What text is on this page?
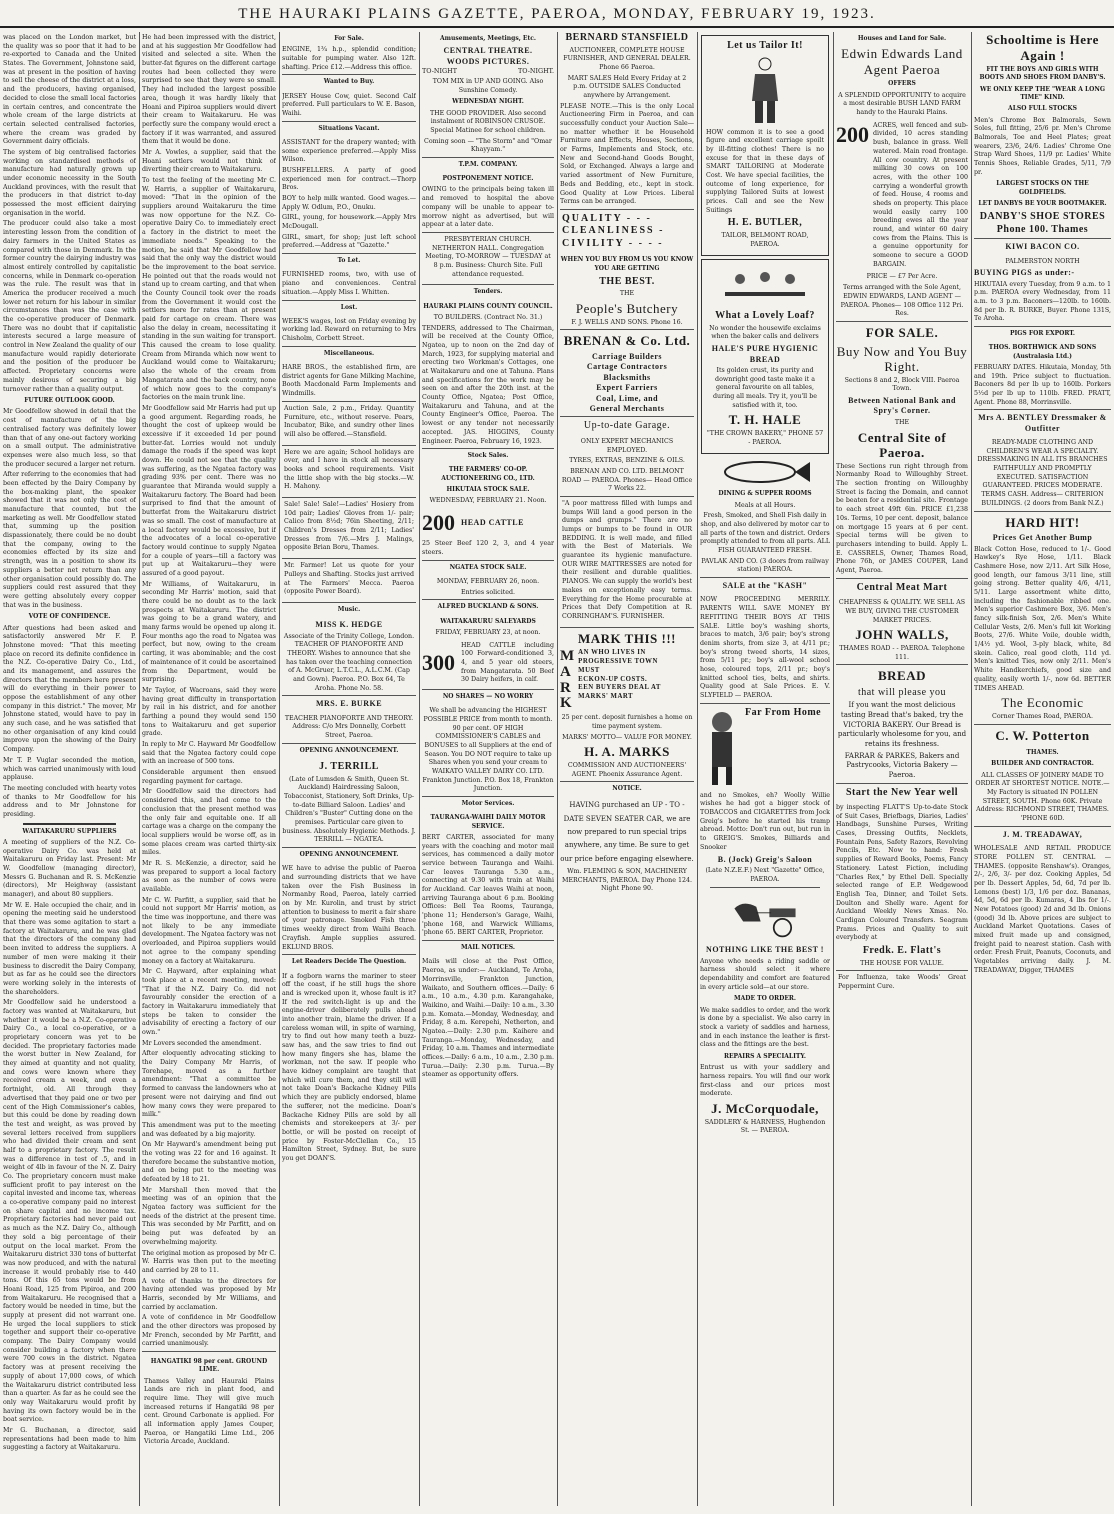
THE HAURAKI PLAINS GAZETTE, PAEROA, MONDAY, FEBRUARY 19, 1923.

was placed on the London market, but the quality was so poor that it had to be re-exported to Canada and the United States. The Government, Johnstone said, was at present in the position of having to sell the cheese of the district at a loss, and the producers, having organised, decided to close the small local factories in certain centres, and concentrate the whole cream of the large districts at certain selected centralised factories, where the cream was graded by Government dairy officials.

The system of big centralised factories working on standardised methods of manufacture had naturally grown up under economic necessity in the South Auckland provinces, with the result that the producers in that district to-day possessed the most efficient dairying organisation in the world.

The producer could also take a most interesting lesson from the condition of dairy farmers in the United States as compared with those in Denmark. In the former country the dairying industry was almost entirely controlled by capitalistic concerns, while in Denmark co-operation was the rule. The result was that in America the producer received a much lower net return for his labour in similar circumstances than was the case with the co-operative producer of Denmark. There was no doubt that if capitalistic interests secured a large measure of control in New Zealand the quality of our manufacture would rapidly deteriorate and the position of the producer be affected. Proprietary concerns were mainly desirous of securing a big turnover rather than a quality output.

FUTURE OUTLOOK GOOD.

Mr Goodfellow showed in detail that the cost of manufacture of the big centralised factory was definitely lower than that of any one-out factory working on a small output. The administrative expenses were also much less, so that the producer secured a larger net return.

After referring to the economies that had been effected by the Dairy Company by the box-making plant, the speaker showed that it was not only the cost of manufacture that counted, but the marketing as well. Mr Goodfellow stated that, summing up the position dispassionately, there could be no doubt that the company, owing to the economies effected by its size and strength, was in a position to show its suppliers a better net return than any other organisation could possibly do. The suppliers could rest assured that they were getting absolutely every copper that was in the business.

VOTE OF CONFIDENCE.

After questions had been asked and satisfactorily answered Mr F. P. Johnstone moved: "That this meeting place on record its definite confidence in the N.Z. Co-operative Dairy Co., Ltd., and its management, and assures the directors that the members here present will do everything in their power to oppose the establishment of any other company in this district." The mover, Mr Johnstone stated, would have to pay in any such case, and he was satisfied that no other organisation of any kind could improve upon the showing of the Dairy Company.

Mr T. P. Vuglar seconded the motion, which was carried unanimously with loud applause.

The meeting concluded with hearty votes of thanks to Mr Goodfellow for his address and to Mr Johnstone for presiding.

WAITAKARURU SUPPLIERS

A meeting of suppliers of the N.Z. Co-operative Dairy Co. was held at Waitakaruru on Friday last. Present: Mr W. Goodfellow (managing director), Messrs G. Buchanan and R. S. McKenzie (directors), Mr Heighway (assistant manager), and about 80 suppliers.

Mr W. E. Hale occupied the chair, and in opening the meeting said he understood that there was some agitation to start a factory at Waitakaruru, and he was glad that the directors of the company had been invited to address the suppliers. A number of men were making it their business to discredit the Dairy Company, but as far as he could see the directors were working solely in the interests of the shareholders.

Mr Goodfellow said he understood a factory was wanted at Waitakaruru, but whether it would be a N.Z. Co-operative Dairy Co., a local co-operative, or a proprietary concern was yet to be decided. The proprietary factories made the worst butter in New Zealand, for they aimed at quantity and not quality, and cows were known where they received cream a week, and even a fortnight, old. All through they advertised that they paid one or two per cent of the High Commissioner's cables, but this could be done by reading down the test and weight, as was proved by several letters received from suppliers who had divided their cream and sent half to a proprietary factory. The result was a difference in test of .5, and in weight of 4lb in favour of the N. Z. Dairy Co. The proprietary concern must make sufficient profit to pay interest on the capital invested and income tax, whereas a co-operative company paid no interest on share capital and no income tax. Proprietary factories had never paid out as much as the N.Z. Dairy Co., although they sold a big percentage of their output on the local market. From the Waitakaruru district 330 tons of butterfat was now produced, and with the natural increase it would probably rise to 440 tons. Of this 65 tons would be from Hoani Road, 125 from Pipiroa, and 200 from Waitakaruru. He recognised that a factory would be needed in time, but the supply at present did not warrant one. He urged the local suppliers to stick together and support their co-operative company. The Dairy Company would consider building a factory when there were 700 cows in the district. Ngatea factory was at present receiving the supply of about 17,000 cows, of which the Waitakaruru district contributed less than a quarter. As far as he could see the only way Waitakaruru would profit by having its own factory would be in the boat service.

Mr G. Buchanan, a director, said representations had been made to him suggesting a factory at Waitakaruru.

He had been impressed with the district, and at his suggestion Mr Goodfellow had visited and selected a site. When the butter-fat figures on the different cartage routes had been collected they were surprised to see that they were so small. They had included the largest possible area, though it was hardly likely that Hoani and Pipiroa suppliers would divert their cream to Waitakaruru. He was perfectly sure the company would erect a factory if it was warranted, and assured them that it would be done.

Mr A. Vowles, a supplier, said that the Hoani settlers would not think of diverting their cream to Waitakaruru.

To test the feeling of the meeting Mr C. W. Harris, a supplier of Waitakaruru, moved: "That in the opinion of the suppliers around Waitakaruru the time was now opportune for the N.Z. Co-operative Dairy Co. to immediately erect a factory in the district to meet the immediate needs." Speaking to the motion, he said that Mr Goodfellow had said that the only way the district would be the improvement to the boat service. He pointed out that the roads would not stand up to cream carting, and that when the County Council took over the roads from the Government it would cost the settlers more for rates than at present paid for cartage on cream. There was also the delay in cream, necessitating it standing in the sun waiting for transport. This caused the cream to lose quality. Cream from Miranda which now went to Auckland would come to Waitakaruru; also the whole of the cream from Mangatarata and the back country, none of which now goes to the company's factories on the main trunk line.

Mr Goodfellow said Mr Harris had put up a good argument. Regarding roads, he thought the cost of upkeep would be excessive if it exceeded 1d per pound butter-fat. Lorries would not unduly damage the roads if the speed was kept down. He could not see that the quality was suffering, as the Ngatea factory was grading 93% per cent. There was no guarantee that Miranda would supply a Waitakaruru factory. The Board had been surprised to find that the amount of butterfat from the Waitakaruru district was so small. The cost of manufacture at a local factory would be excessive, but if the advocates of a local co-operative factory would continue to supply Ngatea for a couple of years—till a factory was put up at Waitakaruru—they were assured of a good payout.

Mr Williams, of Waitakaruru, in seconding Mr Harris' motion, said that there could be no doubt as to the lack prospects at Waitakaruru. The district was going to be a grand watery, and many farms would be opened up along it. Four months ago the road to Ngatea was perfect, but now, owing to the cream carting, it was abominable; and the cost of maintenance of it could be ascertained from the Department, would be surprising.

Mr Taylor, of Wacroans, said they were having great difficulty in transportation by rail in his district, and for another farthing a pound they would send 150 tons to Waitakaruru and get superior grade.

In reply to Mr C. Hayward Mr Goodfellow said that the Ngatea factory could cope with an increase of 500 tons.

Considerable argument then ensued regarding payment for cartage.

Mr Goodfellow said the directors had considered this, and had come to the conclusion that the present method was the only fair and equitable one. If all cartage was a charge on the company the local suppliers would be worse off, as in some places cream was carted thirty-six miles.

Mr R. S. McKenzie, a director, said he was prepared to support a local factory as soon as the number of cows were available.

Mr C. W. Parfitt, a supplier, said that he could not support Mr Harris' motion, as the time was inopportune, and there was not likely to be any immediate development. The Ngatea factory was not overloaded, and Pipiroa suppliers would not agree to the company spending money on a factory at Waitakaruru.

Mr C. Hayward, after explaining what took place at a recent meeting, moved: "That if the N.Z. Dairy Co. did not favourably consider the erection of a factory in Waitakaruru immediately that steps be taken to consider the advisability of erecting a factory of our own."

Mr Lovers seconded the amendment.

After eloquently advocating sticking to the Dairy Company Mr Harris, of Torehape, moved as a further amendment: "That a committee be formed to canvass the landowners who at present were not dairying and find out how many cows they were prepared to milk."

This amendment was put to the meeting and was defeated by a big majority.

On Mr Hayward's amendment being put the voting was 22 for and 16 against. It therefore became the substantive motion, and on being put to the meeting was defeated by 18 to 21.

Mr Marshall then moved that the meeting was of an opinion that the Ngatea factory was sufficient for the needs of the district at the present time. This was seconded by Mr Parfitt, and on being put was defeated by an overwhelming majority.

The original motion as proposed by Mr C. W. Harris was then put to the meeting and carried by 28 to 11.

A vote of thanks to the directors for having attended was proposed by Mr Harris, seconded by Mr Williams, and carried by acclamation.

A vote of confidence in Mr Goodfellow and the other directors was proposed by Mr French, seconded by Mr Parfitt, and carried unanimously.

HANGATIKI 98 per cent. GROUND LIME.

Thames Valley and Hauraki Plains Lands are rich in plant food, and require lime. They will give much increased returns if Hangatiki 98 per cent. Ground Carbonate is applied. For all information apply James Couper, Paeroa, or Hangatiki Lime Ltd., 206 Victoria Arcade, Auckland.

For Sale.

ENGINE, 1¾ h.p., splendid condition; suitable for pumping water. Also 12ft. shafting. Price £12.—Address this office.

Wanted to Buy.

JERSEY House Cow, quiet. Second Calf preferred. Full particulars to W. E. Bason, Waihi.

Situations Vacant.

ASSISTANT for the drapery wanted; with some experience preferred.—Apply Miss Wilson.

BUSHFELLERS. A party of good experienced men for contract.—Thorp Bros.

BOY to help milk wanted. Good wages.—Apply W. Odlum, P.O., Onuku.

GIRL, young, for housework.—Apply Mrs McDougall.

GIRL, smart, for shop; just left school preferred.—Address at "Gazette."

To Let.

FURNISHED rooms, two, with use of piano and conveniences. Central situation.—Apply Miss I. Whitten.

Lost.

WEEK'S wages, lost on Friday evening by working lad. Reward on returning to Mrs Chisholm, Corbett Street.

Miscellaneous.

HARE BROS., the established firm, are district agents for Gane Milking Machine, Booth Macdonald Farm Implements and Windmills.

Auction Sale, 2 p.m., Friday. Quantity Furniture, etc., without reserve. Pears, Incubator, Bike, and sundry other lines will also be offered.—Stansfield.

Here we are again; School holidays are over, and I have in stock all necessary books and school requirements. Visit the little shop with the big stocks.—W. H. Mahony.

Sale! Sale! Sale!—Ladies' Hosiery from 10d pair; Ladies' Gloves from 1/- pair; Calico from 8½d; 76in Sheeting, 2/11; Children's Dresses from 2/11; Ladies' Dresses from 7/6.—Mrs J. Malings, opposite Brian Boru, Thames.

Mr. Farmer! Let us quote for your Pulleys and Shafting. Stocks just arrived at The Farmers' Mecca. Paeroa (opposite Power Board).

Music.

MISS K. HEDGE

Associate of the Trinity College, London. TEACHER OF PIANOFORTE AND THEORY. Wishes to announce that she has taken over the teaching connection of A. McGruer, L.T.C.L., A.L.C.M. (Cap and Gown). Paeroa. P.O. Box 64, Te Aroha. Phone No. 58.

MRS. E. BURKE

TEACHER PIANOFORTE AND THEORY. Address: C/o Mrs Donnelly, Corbett Street, Paeroa.

OPENING ANNOUNCEMENT.

J. TERRILL

(Late of Lumsden & Smith, Queen St. Auckland) Hairdressing Saloon, Tobacconist, Stationery, Soft Drinks, Up-to-date Billiard Saloon. Ladies' and Children's "Buster" Cutting done on the premises. Particular care given to business. Absolutely Hygienic Methods. J. TERRILL — NGATEA.

OPENING ANNOUNCEMENT.

WE have to advise the public of Paeroa and surrounding districts that we have taken over the Fish Business in Normanby Road, Paeroa, lately carried on by Mr. Kurolin, and trust by strict attention to business to merit a fair share of your patronage. Smoked Fish three times weekly direct from Waihi Beach. Crayfish. Ample supplies assured. EKLUND BROS.

Let Readers Decide The Question.

If a fogborn warns the mariner to steer off the coast, if he still hugs the shore and is wrecked upon it, whose fault is it? If the red switch-light is up and the engine-driver deliberately pulls ahead into another train, blame the driver. If a careless woman will, in spite of warning, try to find out how many teeth a buzz-saw has, and the saw tries to find out how many fingers she has, blame the workman, not the saw. If people who have kidney complaint are taught that which will cure them, and they still will not take Doan's Backache Kidney Pills which they are publicly endorsed, blame the sufferer, not the medicine. Doan's Backache Kidney Pills are sold by all chemists and storekeepers at 3/- per bottle, or will be posted on receipt of price by Foster-McClellan Co., 15 Hamilton Street, Sydney. But, be sure you get DOAN'S.

Amusements, Meetings, Etc.

CENTRAL THEATRE.

WOODS PICTURES.

TO-NIGHT	TO-NIGHT.

TOM MIX in UP AND GOING. Also Sunshine Comedy.

WEDNESDAY NIGHT.

THE GOOD PROVIDER. Also second instalment of ROBINSON CRUSOE. Special Matinee for school children.

Coming soon — "The Storm" and "Omar Khayyam."

T.P.M. COMPANY.

POSTPONEMENT NOTICE.

OWING to the principals being taken ill and removed to hospital the above company will be unable to appear to-morrow night as advertised, but will appear at a later date.

PRESBYTERIAN CHURCH. NETHERTON HALL. Congregation Meeting, TO-MORROW — TUESDAY at 8 p.m. Business: Church Site. Full attendance requested.

Tenders.

HAURAKI PLAINS COUNTY COUNCIL.

TO BUILDERS. (Contract No. 31.)

TENDERS, addressed to The Chairman, will be received at the County Office, Ngatea, up to noon on the 2nd day of March, 1923, for supplying material and erecting two Workman's Cottages, one at Waitakaruru and one at Tahuna. Plans and specifications for the work may be seen on and after the 20th inst. at the County Office, Ngatea; Post Office, Waitakaruru and Tahuna, and at the County Engineer's Office, Paeroa. The lowest or any tender not necessarily accepted. JAS. HIGGINS, County Engineer. Paeroa, February 16, 1923.

Stock Sales.

THE FARMERS' CO-OP. AUCTIONEERING CO., LTD.

HIKUTAIA STOCK SALE.

WEDNESDAY, FEBRUARY 21. Noon.

200 HEAD CATTLE

25 Steer Beef 120 2, 3, and 4 year steers.

NGATEA STOCK SALE.

MONDAY, FEBRUARY 26, noon.

Entries solicited.

ALFRED BUCKLAND & SONS.

WAITAKARURU SALEYARDS

FRIDAY, FEBRUARY 23, at noon.

300
HEAD CATTLE including 100 Forward-conditioned 3, 4, and 5 year old steers, from Mangatarata. 50 Beef 30 Dairy heifers, in calf.

NO SHARES — NO WORRY

We shall be advancing the HIGHEST POSSIBLE PRICE from month to month. 90 per cent. OF HIGH COMMISSIONER'S CABLES and BONUSES to all Suppliers at the end of Season. You DO NOT require to take up Shares when you send your cream to WAIKATO VALLEY DAIRY CO. LTD. Frankton Junction. P.O. Box 18, Frankton Junction.

Motor Services.

TAURANGA-WAIHI DAILY MOTOR SERVICE.

BERT CARTER, associated for many years with the coaching and motor mail services, has commenced a daily motor service between Tauranga and Waihi. Car leaves Tauranga 5.30 a.m., connecting at 9.30 with train at Waihi for Auckland. Car leaves Waihi at noon, arriving Tauranga about 6 p.m. Booking Offices: Bell Tea Rooms, Tauranga, 'phone 11; Henderson's Garage, Waihi, 'phone 168, and Warwick Williams, 'phone 65. BERT CARTER, Proprietor.

MAIL NOTICES.

Mails will close at the Post Office, Paeroa, as under:— Auckland, Te Aroha, Morrinsville, Frankton Junction, Waikato, and Southern offices.—Daily: 6 a.m., 10 a.m., 4.30 p.m. Karangahake, Waikino, and Waihi.—Daily: 10 a.m., 3.30 p.m. Komata.—Monday, Wednesday, and Friday, 8 a.m. Kerepehi, Netherton, and Ngatea.—Daily: 2.30 p.m. Kaihere and Tauranga.—Monday, Wednesday, and Friday, 10 a.m. Thames and intermediate offices.—Daily: 6 a.m., 10 a.m., 2.30 p.m. Turua.—Daily: 2.30 p.m. Turua.—By steamer as opportunity offers.

BERNARD STANSFIELD

AUCTIONEER, COMPLETE HOUSE FURNISHER, AND GENERAL DEALER. Phone 66 Paeroa.

MART SALES Held Every Friday at 2 p.m. OUTSIDE SALES Conducted anywhere by Arrangement.

PLEASE NOTE.—This is the only Local Auctioneering Firm in Paeroa, and can successfully conduct your Auction Sale—no matter whether it be Household Furniture and Effects, Houses, Sections, or Farms, Implements and Stock, etc. New and Second-hand Goods Bought, Sold, or Exchanged. Always a large and varied assortment of New Furniture, Beds and Bedding, etc., kept in stock. Good Quality at Low Prices. Liberal Terms can be arranged.

QUALITY - - - CLEANLINESS - CIVILITY - - - -

WHEN YOU BUY FROM US YOU KNOW YOU ARE GETTING

THE BEST.

THE

People's Butchery

F. J. WELLS AND SONS. Phone 16.

BRENAN & Co. Ltd.

Carriage Builders
Cartage Contractors
Blacksmiths
Expert Farriers
Coal, Lime, and
General Merchants

Up-to-date Garage.

ONLY EXPERT MECHANICS EMPLOYED.

TYRES, EXTRAS, BENZINE & OILS.

BRENAN AND CO. LTD. BELMONT ROAD — PAEROA. Phones— Head Office 7 Works 22.

"A poor mattress filled with lumps and bumps Will land a good person in the dumps and grumps." There are no lumps or bumps to be found in OUR BEDDING. It is well made, and filled with the Best of Materials. We guarantee its hygienic manufacture. OUR WIRE MATTRESSES are noted for their resilient and durable qualities. PIANOS. We can supply the world's best makes on exceptionally easy terms. Everything for the Home procurable at Prices that Defy Competition at R. CORRINGHAM'S. FURNISHER.

MARK THIS !!!

M
A
R
K
AN WHO LIVES IN
PROGRESSIVE TOWN
MUST
ECKON-UP COSTS.
EEN BUYERS DEAL AT
MARKS' MART

25 per cent. deposit furnishes a home on time payment system.

MARKS' MOTTO— VALUE FOR MONEY.

H. A. MARKS

COMMISSION AND AUCTIONEERS' AGENT. Phoenix Assurance Agent.

NOTICE.

HAVING purchased an UP - TO - DATE SEVEN SEATER CAR, we are now prepared to run special trips anywhere, any time. Be sure to get our price before engaging elsewhere.

Wm. FLEMING & SON, MACHINERY MERCHANTS, PAEROA. Day Phone 124. Night Phone 90.

Let us Tailor It!

HOW common it is to see a good figure and excellent carriage spoilt by ill-fitting clothes! There is no excuse for that in these days of SMART TAILORING at Moderate Cost. We have special facilities, the outcome of long experience, for supplying Tailored Suits at lowest prices. Call and see the New Suitings

H. E. BUTLER,

TAILOR, BELMONT ROAD, PAEROA.

What a Lovely Loaf?

No wonder the housewife exclaims when the baker calls and delivers

HALE'S PURE HYGIENIC BREAD

Its golden crust, its purity and downright good taste make it a general favourite on all tables, during all meals. Try it, you'll be satisfied with it, too.

T. H. HALE

"THE CROWN BAKERY," PHONE 57 - PAEROA.

DINING & SUPPER ROOMS

Meals at all Hours.

Fresh, Smoked, and Shell Fish daily in shop, and also delivered by motor car to all parts of the town and district. Orders promptly attended to from all parts. ALL FISH GUARANTEED FRESH.

PAVLAK AND CO. (3 doors from railway station) PAEROA.

SALE at the "KASH"

NOW PROCEEDING MERRILY. PARENTS WILL SAVE MONEY BY REFITTING THEIR BOYS AT THIS SALE. Little boy's washing shorts, braces to match, 3/6 pair; boy's strong denim shorts, from size 3, at 4/11 pr.; boy's strong tweed shorts, 14 sizes, from 5/11 pr.; boy's all-wool school hose, coloured tops, 2/11 pr.; boy's knitted school ties, belts, and shirts. Quality good at Sale Prices. E. V. SLYFIELD — PAEROA.

Far From Home

and no Smokes, eh? Woolly Willie wishes he had got a bigger stock of TOBACCOS and CIGARETTES from Jock Greig's before he started his tramp abroad. Motto: Don't run out, but run in to GREIG'S. Smokes, Billiards and Snooker

B. (Jock) Greig's Saloon

(Late N.Z.E.F.) Next "Gazette" Office, PAEROA.

NOTHING LIKE THE BEST !

Anyone who needs a riding saddle or harness should select it where dependability and comfort are featured in every article sold—at our store.

MADE TO ORDER.

We make saddles to order, and the work is done by a specialist. We also carry in stock a variety of saddles and harness, and in each instance the leather is first-class and the fittings are the best.

REPAIRS A SPECIALITY.

Entrust us with your saddlery and harness repairs. You will find our work first-class and our prices most moderate.

J. McCorquodale,

SADDLERY & HARNESS, Hughendon St. — PAEROA.

Houses and Land for Sale.

Edwin Edwards Land Agent Paeroa

OFFERS

A SPLENDID OPPORTUNITY to acquire a most desirable BUSH LAND FARM handy to the Hauraki Plains.

200 ACRES, well fenced and sub-divided, 10 acres standing bush, balance in grass. Well watered. Main road frontage. All cow country. At present milking 30 cows on 100 acres, with the other 100 carrying a wonderful growth of feed. House, 4 rooms and sheds on property. This place would easily carry 100 breeding ewes all the year round, and winter 60 dairy cows from the Plains. This is a genuine opportunity for someone to secure a GOOD BARGAIN.

PRICE — £7 Per Acre.

Terms arranged with the Sole Agent, EDWIN EDWARDS, LAND AGENT — PAEROA. Phones— 108 Office 112 Pri. Res.

FOR SALE.

Buy Now and You Buy Right.

Sections 8 and 2, Block VIII. Paeroa Town.

Between National Bank and Spry's Corner.

THE

Central Site of Paeroa.

These Sections run right through from Normanby Road to Willoughby Street. The section fronting on Willoughby Street is facing the Domain, and cannot be beaten for a residential site. Frontage to each street 49ft 6in. PRICE £1,238 10s. Terms, 10 per cent. deposit, balance on mortgage 15 years at 6 per cent. Special terms will be given to purchasers intending to build. Apply L. E. CASSRELS, Owner, Thames Road, Phone 76h, or JAMES COUPER, Land Agent, Paeroa.

Central Meat Mart

CHEAPNESS & QUALITY. WE SELL AS WE BUY, GIVING THE CUSTOMER MARKET PRICES.

JOHN WALLS,

THAMES ROAD - - PAEROA. Telephone 111.

BREAD

that will please you

If you want the most delicious tasting Bread that's baked, try the VICTORIA BAKERY. Our Bread is particularly wholesome for you, and retains its freshness.

FARRAR & PARKES, Bakers and Pastrycooks, Victoria Bakery — Paeroa.

Start the New Year well

by inspecting FLATT'S Up-to-date Stock of Suit Cases, Briefbags, Diaries, Ladies' Handbags, Sunshine Purses, Writing Cases, Dressing Outfits, Necklets, Fountain Pens, Safety Razors, Revolving Pencils, Etc. Now to hand: Fresh supplies of Reward Books, Poems, Fancy Stationery. Latest Fiction, including "Charles Rex," by Ethel Dell. Specially selected range of E.P. Wedgewood English Tea, Dinner, and Toilet Sets. Doulton and Shelly ware. Agent for Auckland Weekly News Xmas. No. Cardigan Coloured Transfers. Seagram Prams. Prices and Quality to suit everybody at

Fredk. E. Flatt's

THE HOUSE FOR VALUE.

For Influenza, take Woods' Great Peppermint Cure.

Schooltime is Here Again !

FIT THE BOYS AND GIRLS WITH BOOTS AND SHOES FROM DANBY'S.

WE ONLY KEEP THE "WEAR A LONG TIME" KIND.

ALSO FULL STOCKS

Men's Chrome Box Balmorals, Sewn Soles, full fitting, 25/6 pr. Men's Chrome Balmorals, Toe and Heel Plates; great wearers, 23/6, 24/6. Ladies' Chrome One Strap Ward Shoes, 11/9 pr. Ladies' White Tennis Shoes, Reliable Grades, 5/11, 7/9 pr.

LARGEST STOCKS ON THE GOLDFIELDS.

LET DANBYS BE YOUR BOOTMAKER.

DANBY'S SHOE STORES Phone 100. Thames

KIWI BACON CO.

PALMERSTON NORTH

BUYING PIGS as under:-

HIKUTAIA every Tuesday, from 9 a.m. to 1 p.m. PAEROA every Wednesday, from 11 a.m. to 3 p.m. Baconers—120lb. to 160lb. 8d per lb. R. BURKE, Buyer. Phone 131S, Te Aroha.

PIGS FOR EXPORT.

THOS. BORTHWICK AND SONS (Australasia Ltd.)

FEBRUARY DATES. Hikutaia, Monday, 5th and 19th. Price subject to fluctuation. Baconers 8d per lb up to 160lb. Porkers 5½d per lb up to 110lb. FRED. PRATT, Agent. Phone 88, Morrinsville.

Mrs A. BENTLEY Dressmaker & Outfitter

READY-MADE CLOTHING AND CHILDREN'S WEAR A SPECIALTY. DRESSMAKING IN ALL ITS BRANCHES FAITHFULLY AND PROMPTLY EXECUTED. SATISFACTION GUARANTEED. PRICES MODERATE. TERMS CASH. Address— CRITERION BUILDINGS. (2 doors from Bank N.Z.)

HARD HIT!

Prices Get Another Bump

Black Cotton Hose, reduced to 1/-. Good Hawkey's Rye Hose, 1/11. Black Cashmere Hose, now 2/11. Art Silk Hose, good length, our famous 3/11 line, still going strong. Better quality 4/6, 4/11, 5/11. Large assortment white ditto, including the fashionable ribbed one. Men's superior Cashmere Box, 3/6. Men's fancy silk-finish Sox, 2/6. Men's White Cellular Vests, 2/6. Men's full kit Working Boots, 27/6. White Voile, double width, 1/4½ yd. Wool, 3-ply black, white, 8d skein. Calico, real good cloth, 11d yd. Men's knitted Ties, now only 2/11. Men's White Handkerchiefs, good size and quality, easily worth 1/-, now 6d. BETTER TIMES AHEAD.

The Economic

Corner Thames Road, PAEROA.

C. W. Potterton

THAMES.

BUILDER AND CONTRACTOR.

ALL CLASSES OF JOINERY MADE TO ORDER AT SHORTEST NOTICE. NOTE.—My Factory is situated IN POLLEN STREET, SOUTH. Phone 60K. Private Address: RICHMOND STREET, THAMES. 'PHONE 60D.

J. M. TREADAWAY,

WHOLESALE AND RETAIL PRODUCE STORE POLLEN ST. CENTRAL — THAMES. (opposite Renshaw's). Oranges, 2/-, 2/6, 3/- per doz. Cooking Apples, 5d per lb. Dessert Apples, 5d, 6d, 7d per lb. Lemons (best) 1/3, 1/6 per doz. Bananas, 4d, 5d, 6d per lb. Kumaras, 4 lbs for 1/-. New Potatoes (good) 2d and 3d lb. Onions (good) 3d lb. Above prices are subject to Auckland Market Quotations. Cases of mixed fruit made up and consigned, freight paid to nearest station. Cash with order. Fresh Fruit, Peanuts, Coconuts, and Vegetables arriving daily. J. M. TREADAWAY, Digger, THAMES
